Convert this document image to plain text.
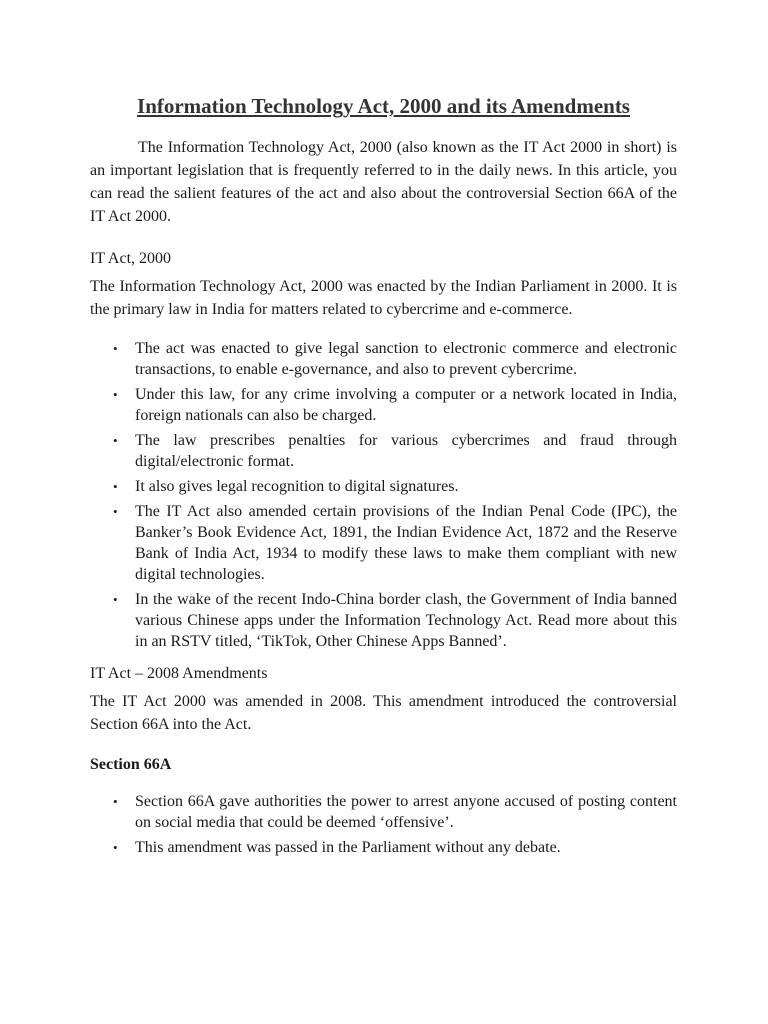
Information Technology Act, 2000 and its Amendments

The Information Technology Act, 2000 (also known as the IT Act 2000 in short) is an important legislation that is frequently referred to in the daily news. In this article, you can read the salient features of the act and also about the controversial Section 66A of the IT Act 2000.

IT Act, 2000

The Information Technology Act, 2000 was enacted by the Indian Parliament in 2000. It is the primary law in India for matters related to cybercrime and e-commerce.

• The act was enacted to give legal sanction to electronic commerce and electronic transactions, to enable e-governance, and also to prevent cybercrime.
• Under this law, for any crime involving a computer or a network located in India, foreign nationals can also be charged.
• The law prescribes penalties for various cybercrimes and fraud through digital/electronic format.
• It also gives legal recognition to digital signatures.
• The IT Act also amended certain provisions of the Indian Penal Code (IPC), the Banker’s Book Evidence Act, 1891, the Indian Evidence Act, 1872 and the Reserve Bank of India Act, 1934 to modify these laws to make them compliant with new digital technologies.
• In the wake of the recent Indo-China border clash, the Government of India banned various Chinese apps under the Information Technology Act. Read more about this in an RSTV titled, ‘TikTok, Other Chinese Apps Banned’.

IT Act – 2008 Amendments

The IT Act 2000 was amended in 2008. This amendment introduced the controversial Section 66A into the Act.

Section 66A

• Section 66A gave authorities the power to arrest anyone accused of posting content on social media that could be deemed ‘offensive’.
• This amendment was passed in the Parliament without any debate.
